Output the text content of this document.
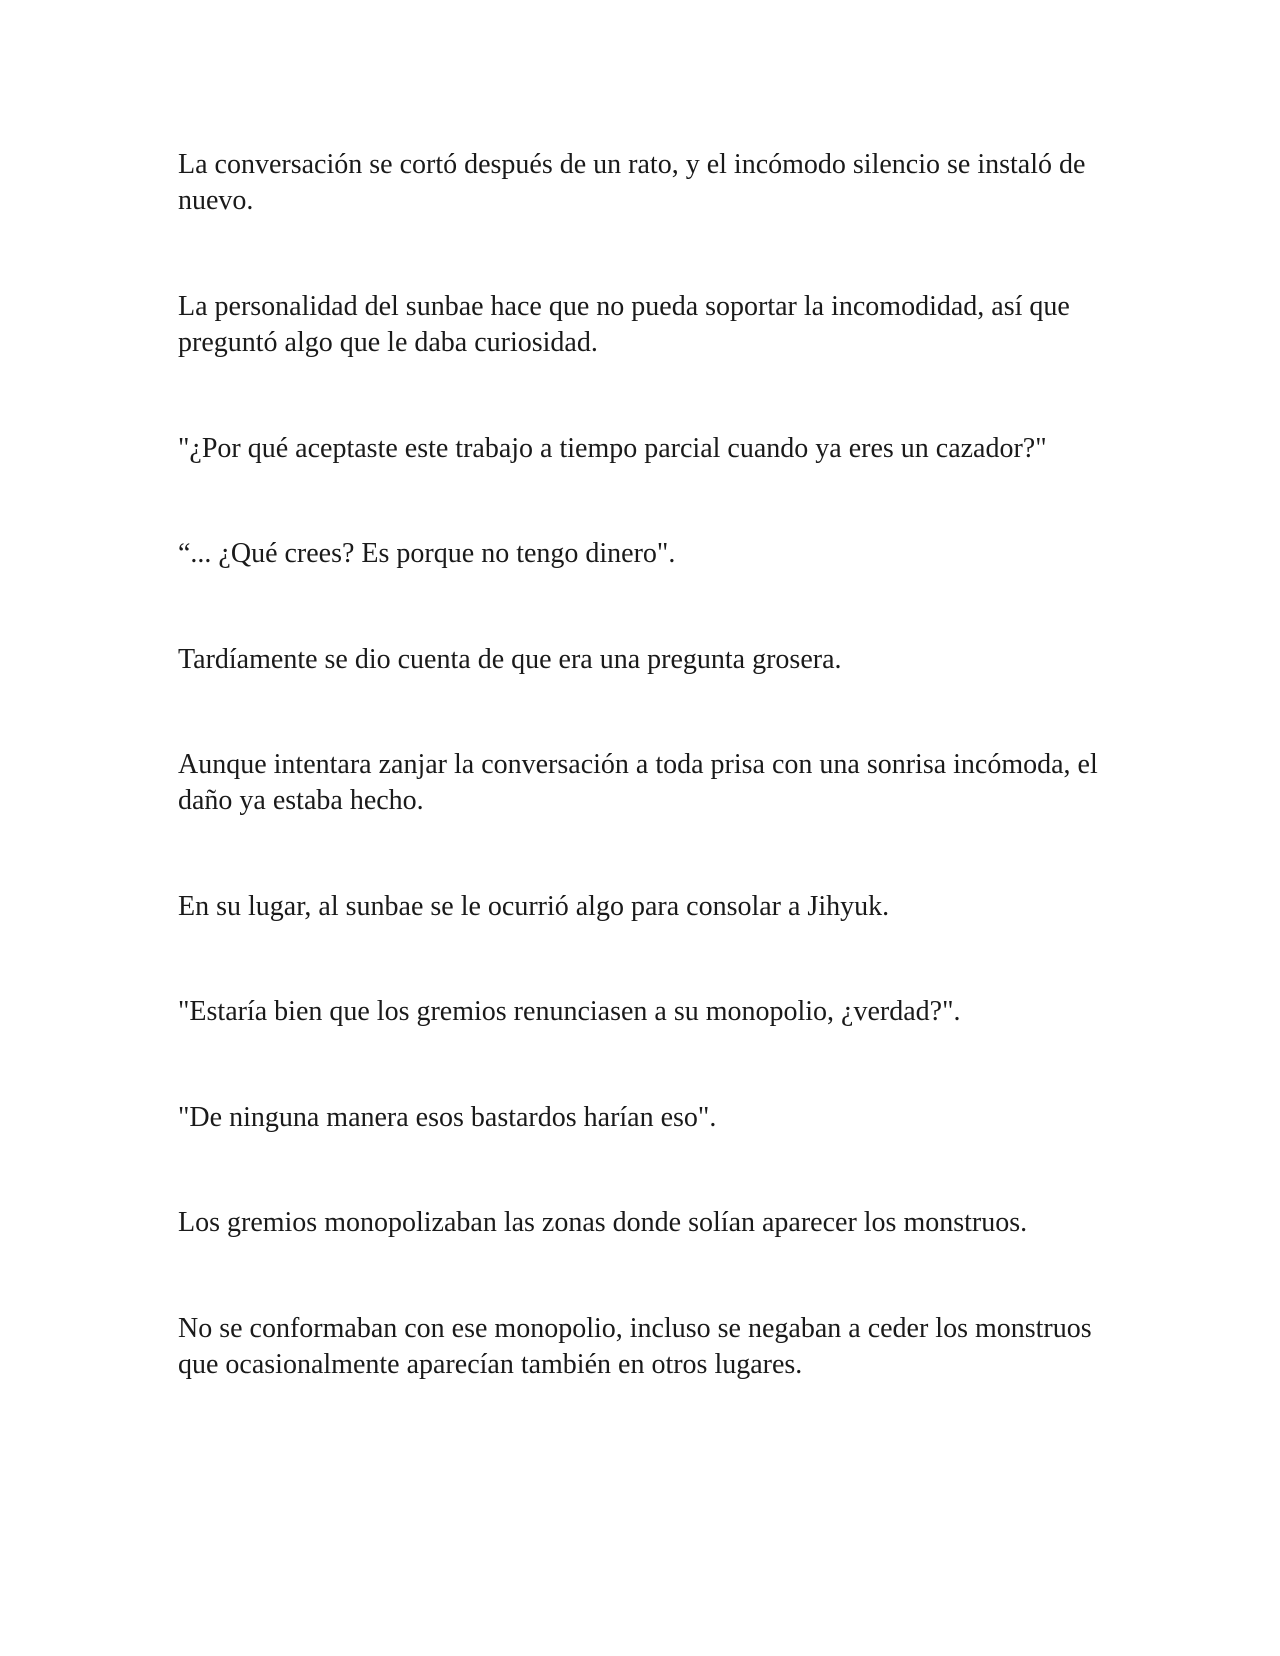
La conversación se cortó después de un rato, y el incómodo silencio se instaló de nuevo.

La personalidad del sunbae hace que no pueda soportar la incomodidad, así que preguntó algo que le daba curiosidad.

"¿Por qué aceptaste este trabajo a tiempo parcial cuando ya eres un cazador?"

“... ¿Qué crees? Es porque no tengo dinero".

Tardíamente se dio cuenta de que era una pregunta grosera.

Aunque intentara zanjar la conversación a toda prisa con una sonrisa incómoda, el daño ya estaba hecho.

En su lugar, al sunbae se le ocurrió algo para consolar a Jihyuk.

"Estaría bien que los gremios renunciasen a su monopolio, ¿verdad?".

"De ninguna manera esos bastardos harían eso".

Los gremios monopolizaban las zonas donde solían aparecer los monstruos.

No se conformaban con ese monopolio, incluso se negaban a ceder los monstruos que ocasionalmente aparecían también en otros lugares.
